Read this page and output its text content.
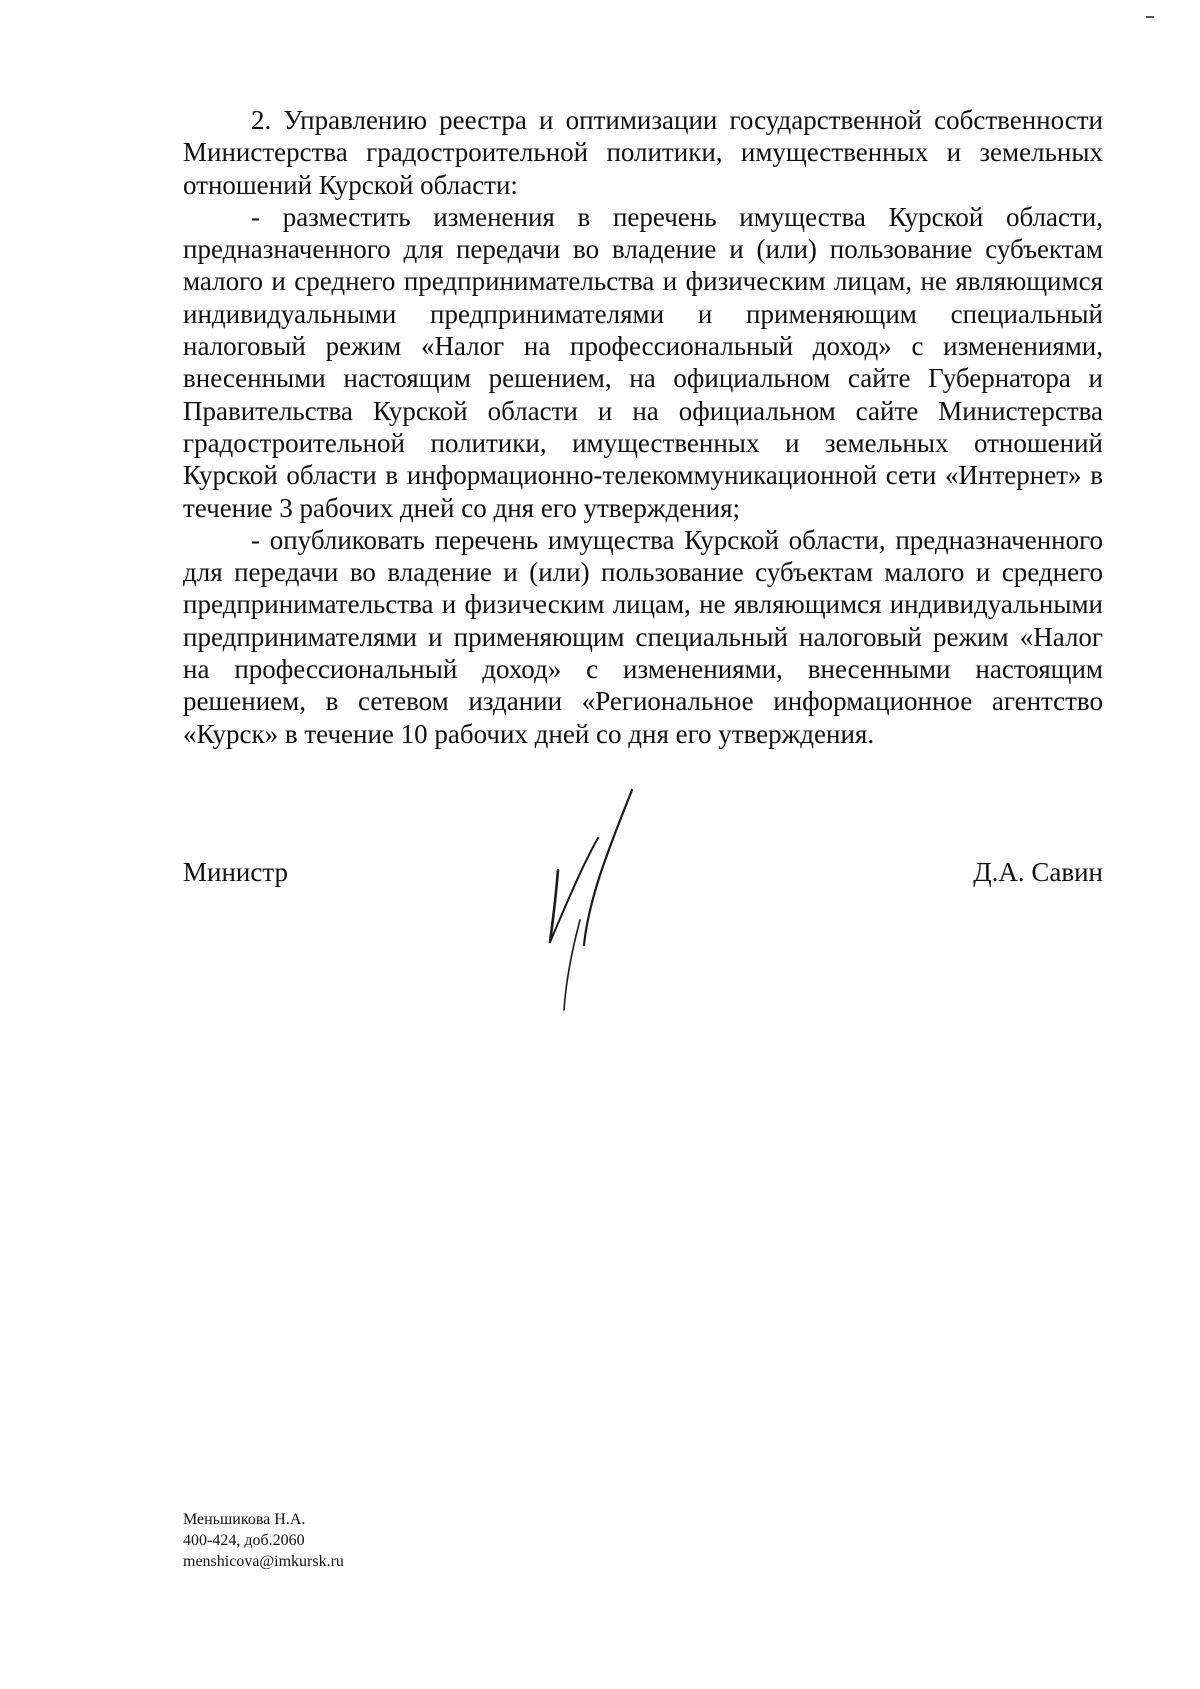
2. Управлению реестра и оптимизации государственной собственности Министерства градостроительной политики, имущественных и земельных отношений Курской области:

- разместить изменения в перечень имущества Курской области, предназначенного для передачи во владение и (или) пользование субъектам малого и среднего предпринимательства и физическим лицам, не являющимся индивидуальными предпринимателями и применяющим специальный налоговый режим «Налог на профессиональный доход» с изменениями, внесенными настоящим решением, на официальном сайте Губернатора и Правительства Курской области и на официальном сайте Министерства градостроительной политики, имущественных и земельных отношений Курской области в информационно-телекоммуникационной сети «Интернет» в течение 3 рабочих дней со дня его утверждения;

- опубликовать перечень имущества Курской области, предназначенного для передачи во владение и (или) пользование субъектам малого и среднего предпринимательства и физическим лицам, не являющимся индивидуальными предпринимателями и применяющим специальный налоговый режим «Налог на профессиональный доход» с изменениями, внесенными настоящим решением, в сетевом издании «Региональное информационное агентство «Курск» в течение 10 рабочих дней со дня его утверждения.

Министр	Д.А. Савин
Меньшикова Н.А.
400-424, доб.2060
menshicova@imkursk.ru
